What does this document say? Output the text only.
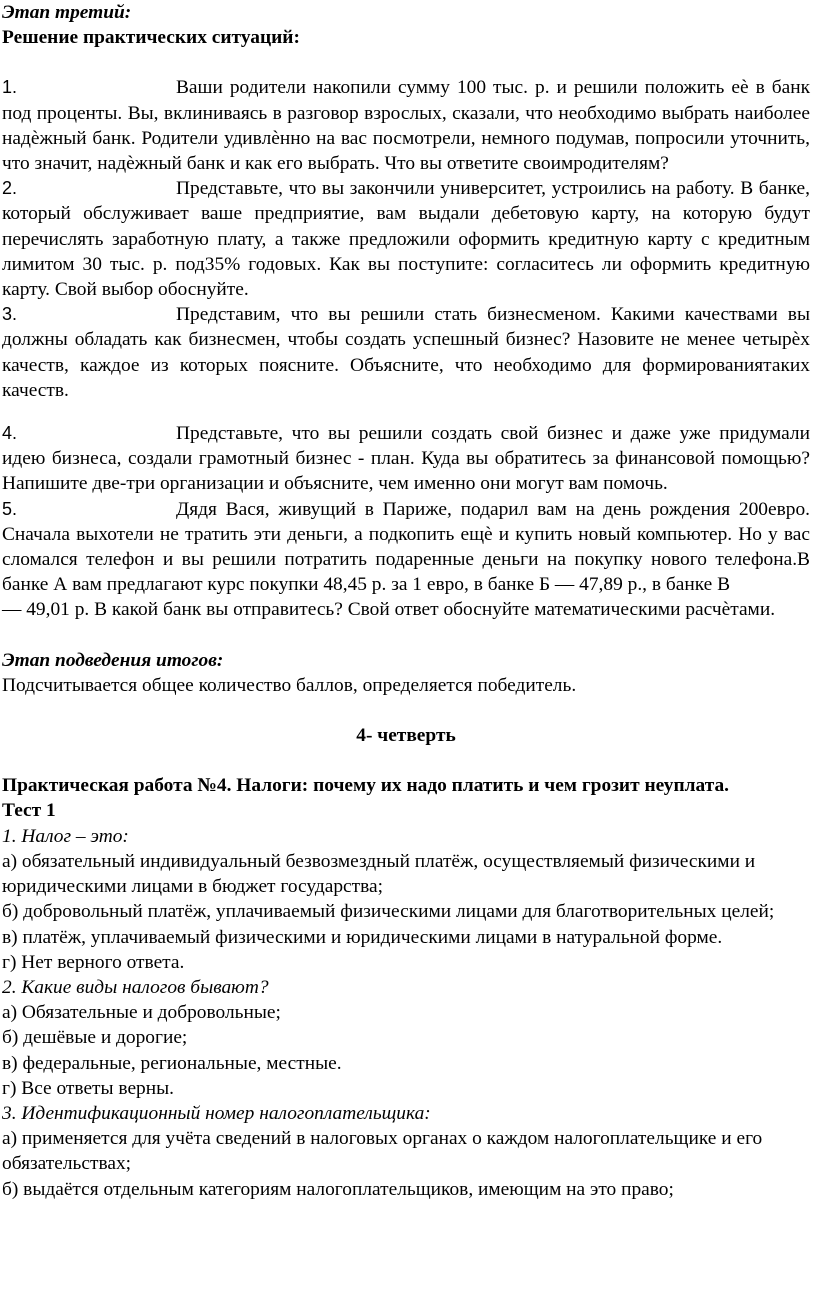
Этап третий:

Решение практических ситуаций:

1.	Ваши родители накопили сумму 100 тыс. р. и решили положить еѐ в банк под проценты. Вы, вклиниваясь в разговор взрослых, сказали, что необходимо выбрать наиболее надѐжный банк. Родители удивлѐнно на вас посмотрели, немного подумав, попросили уточнить, что значит, надѐжный банк и как его выбрать. Что вы ответите своимродителям?

2.	Представьте, что вы закончили университет, устроились на работу. В банке, который обслуживает ваше предприятие, вам выдали дебетовую карту, на которую будут перечислять заработную плату, а также предложили оформить кредитную карту с кредитным лимитом 30 тыс. р. под35% годовых. Как вы поступите: согласитесь ли оформить кредитную карту. Свой выбор обоснуйте.

3.	Представим, что вы решили стать бизнесменом. Какими качествами вы должны обладать как бизнесмен, чтобы создать успешный бизнес? Назовите не менее четырѐх качеств, каждое из которых поясните. Объясните, что необходимо для формированиятаких качеств.

4.	Представьте, что вы решили создать свой бизнес и даже уже придумали идею бизнеса, создали грамотный бизнес - план. Куда вы обратитесь за финансовой помощью? Напишите две-три организации и объясните, чем именно они могут вам помочь.

5.	Дядя Вася, живущий в Париже, подарил вам на день рождения 200евро. Сначала выхотели не тратить эти деньги, а подкопить ещѐ и купить новый компьютер. Но у вас сломался телефон и вы решили потратить подаренные деньги на покупку нового телефона.В банке А вам предлагают курс покупки 48,45 р. за 1 евро, в банке Б — 47,89 р., в банке В

— 49,01 р. В какой банк вы отправитесь? Свой ответ обоснуйте математическими расчѐтами.

Этап подведения итогов:

Подсчитывается общее количество баллов, определяется победитель.

4- четверть

Практическая работа №4. Налоги: почему их надо платить и чем грозит неуплата.

Тест 1

1. Налог – это:

а) обязательный индивидуальный безвозмездный платёж, осуществляемый физическими и юридическими лицами в бюджет государства;

б) добровольный платёж, уплачиваемый физическими лицами для благотворительных целей;

в) платёж, уплачиваемый физическими и юридическими лицами в натуральной форме.

г) Нет верного ответа.

2. Какие виды налогов бывают?

а) Обязательные и добровольные;

б) дешёвые и дорогие;

в) федеральные, региональные, местные.

г) Все ответы верны.

3. Идентификационный номер налогоплательщика:

а) применяется для учёта сведений в налоговых органах о каждом налогоплательщике и его обязательствах;

б) выдаётся отдельным категориям налогоплательщиков, имеющим на это право;
